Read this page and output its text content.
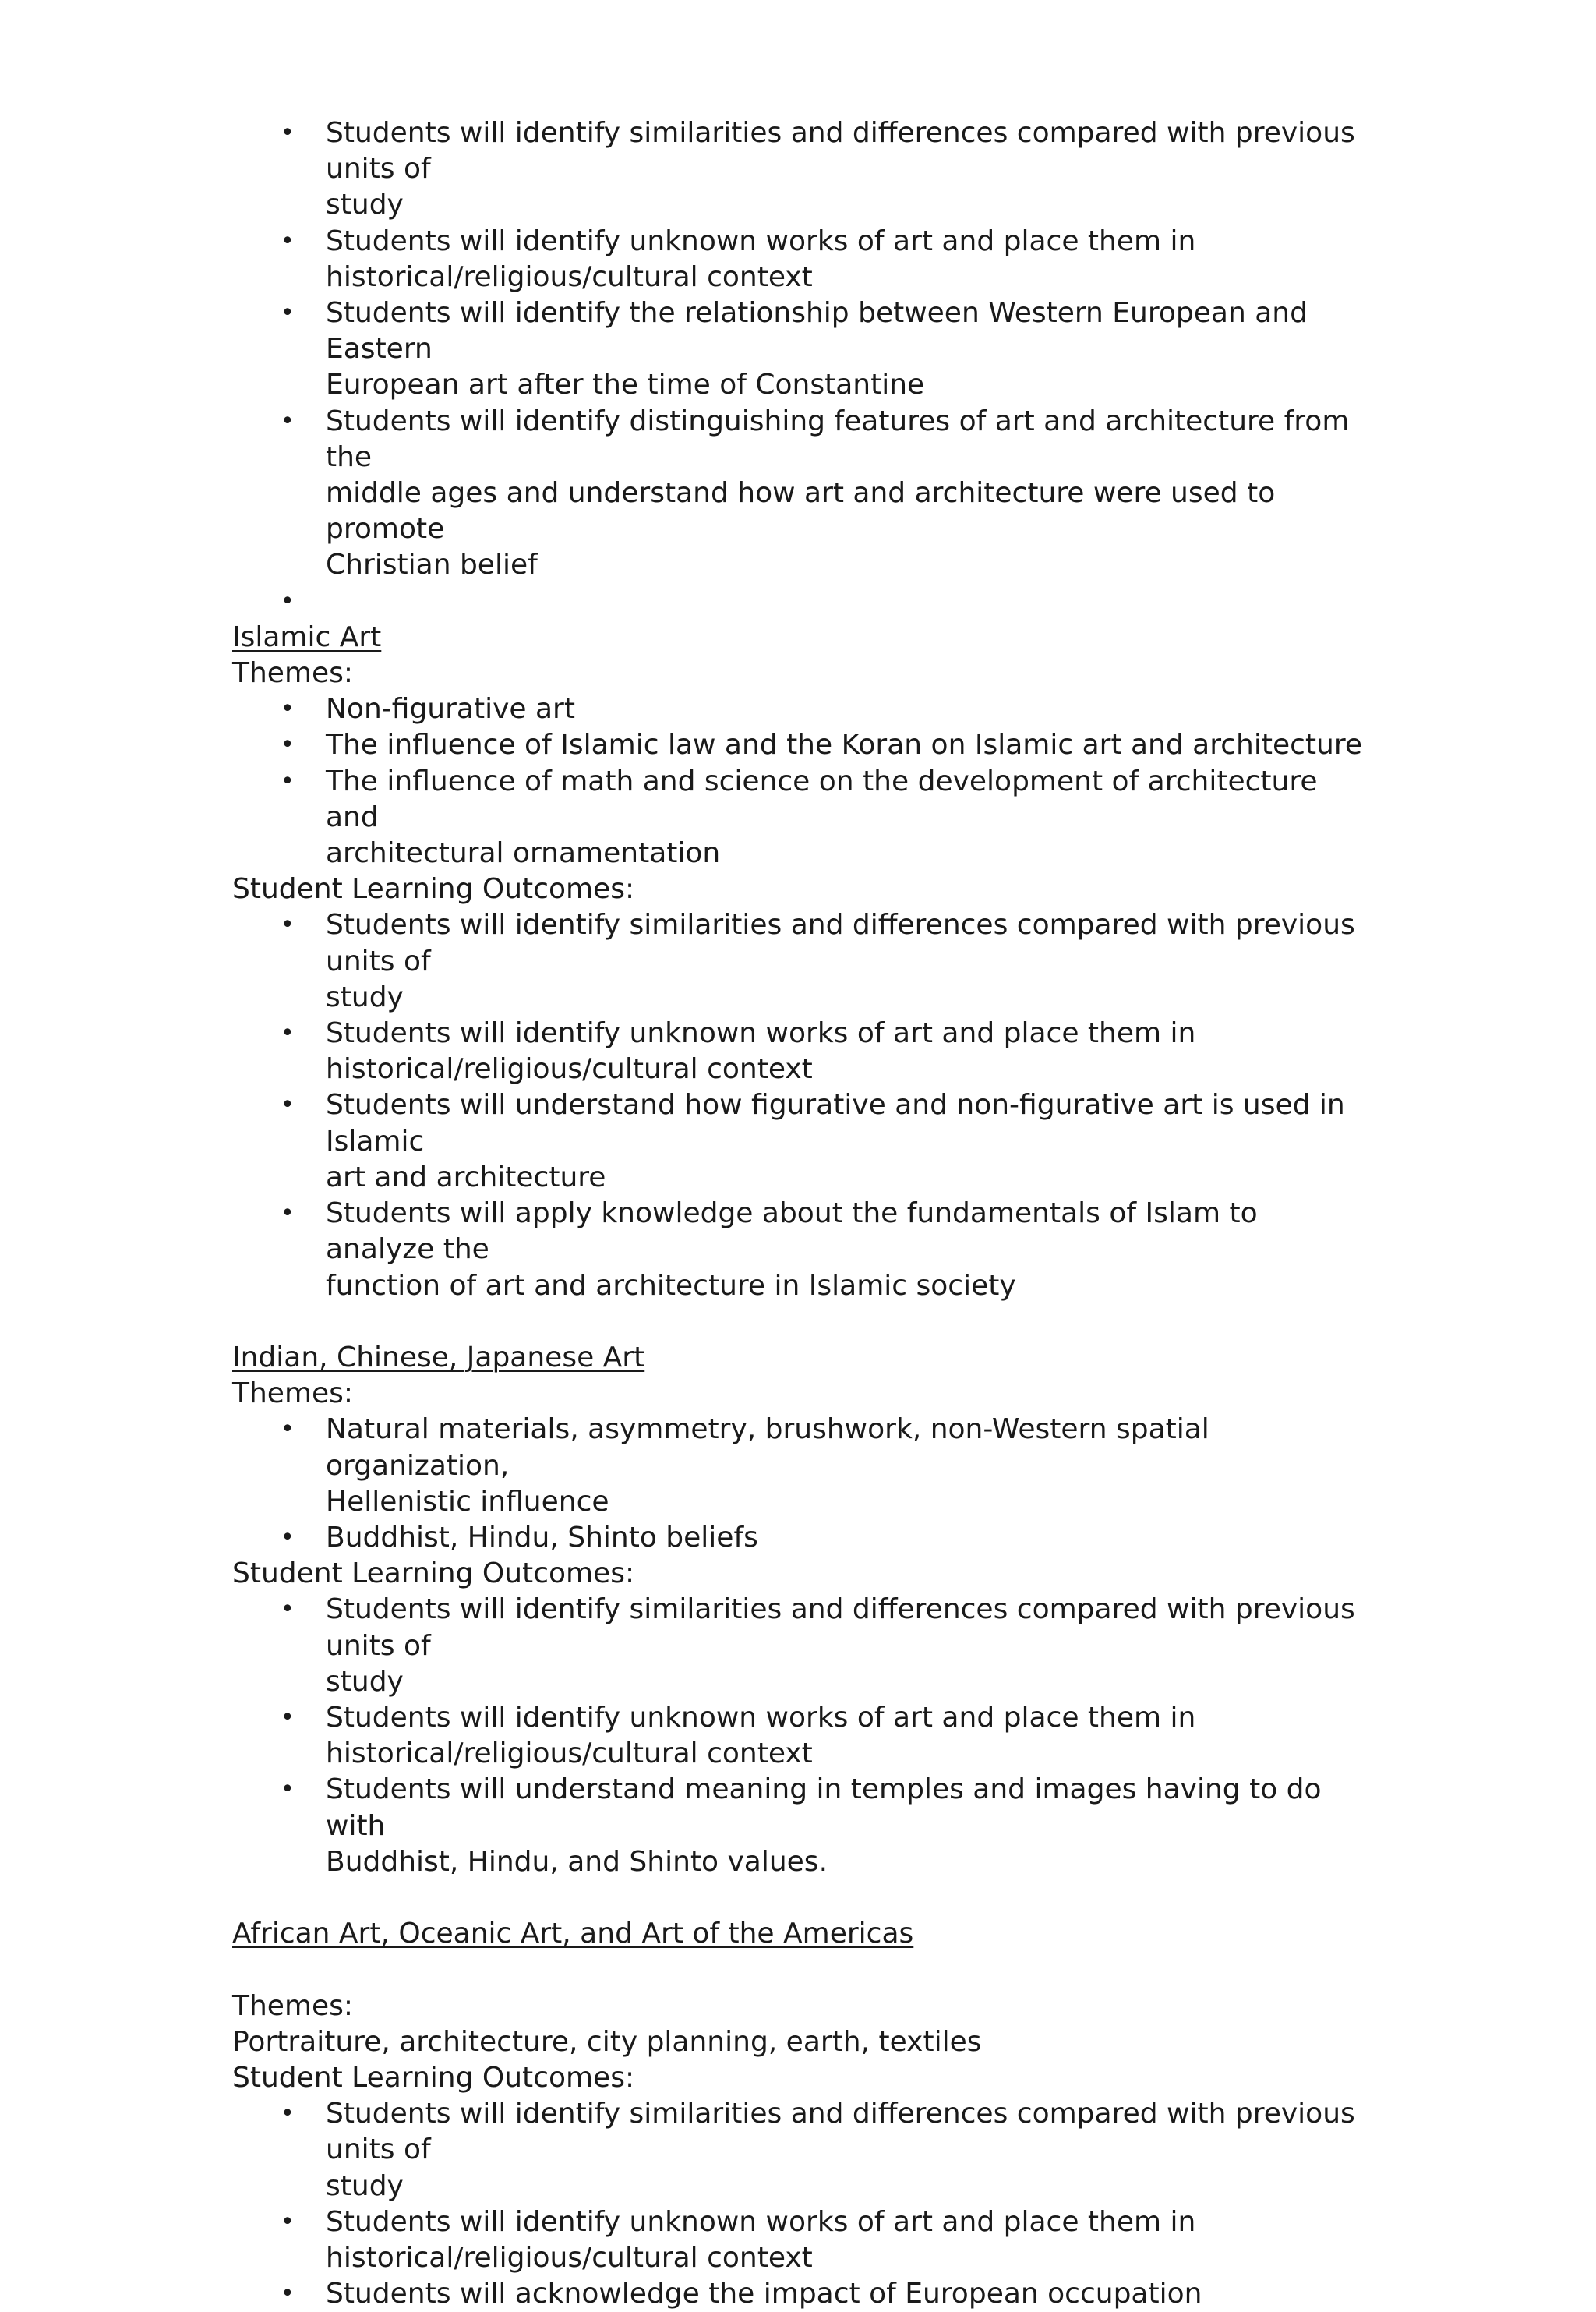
• Students will identify similarities and differences compared with previous units of
study
• Students will identify unknown works of art and place them in
historical/religious/cultural context
• Students will identify the relationship between Western European and Eastern
European art after the time of Constantine
• Students will identify distinguishing features of art and architecture from the
middle ages and understand how art and architecture were used to promote
Christian belief
•

Islamic Art

Themes:

• Non-figurative art
• The influence of Islamic law and the Koran on Islamic art and architecture
• The influence of math and science on the development of architecture and
architectural ornamentation

Student Learning Outcomes:

• Students will identify similarities and differences compared with previous units of
study
• Students will identify unknown works of art and place them in
historical/religious/cultural context
• Students will understand how figurative and non-figurative art is used in Islamic
art and architecture
• Students will apply knowledge about the fundamentals of Islam to analyze the
function of art and architecture in Islamic society

Indian, Chinese, Japanese Art

Themes:

• Natural materials, asymmetry, brushwork, non-Western spatial organization,
Hellenistic influence
• Buddhist, Hindu, Shinto beliefs

Student Learning Outcomes:

• Students will identify similarities and differences compared with previous units of
study
• Students will identify unknown works of art and place them in
historical/religious/cultural context
• Students will understand meaning in temples and images having to do with
Buddhist, Hindu, and Shinto values.

African Art, Oceanic Art, and Art of the Americas

Themes:

Portraiture, architecture, city planning, earth, textiles

Student Learning Outcomes:

• Students will identify similarities and differences compared with previous units of
study
• Students will identify unknown works of art and place them in
historical/religious/cultural context
• Students will acknowledge the impact of European occupation
